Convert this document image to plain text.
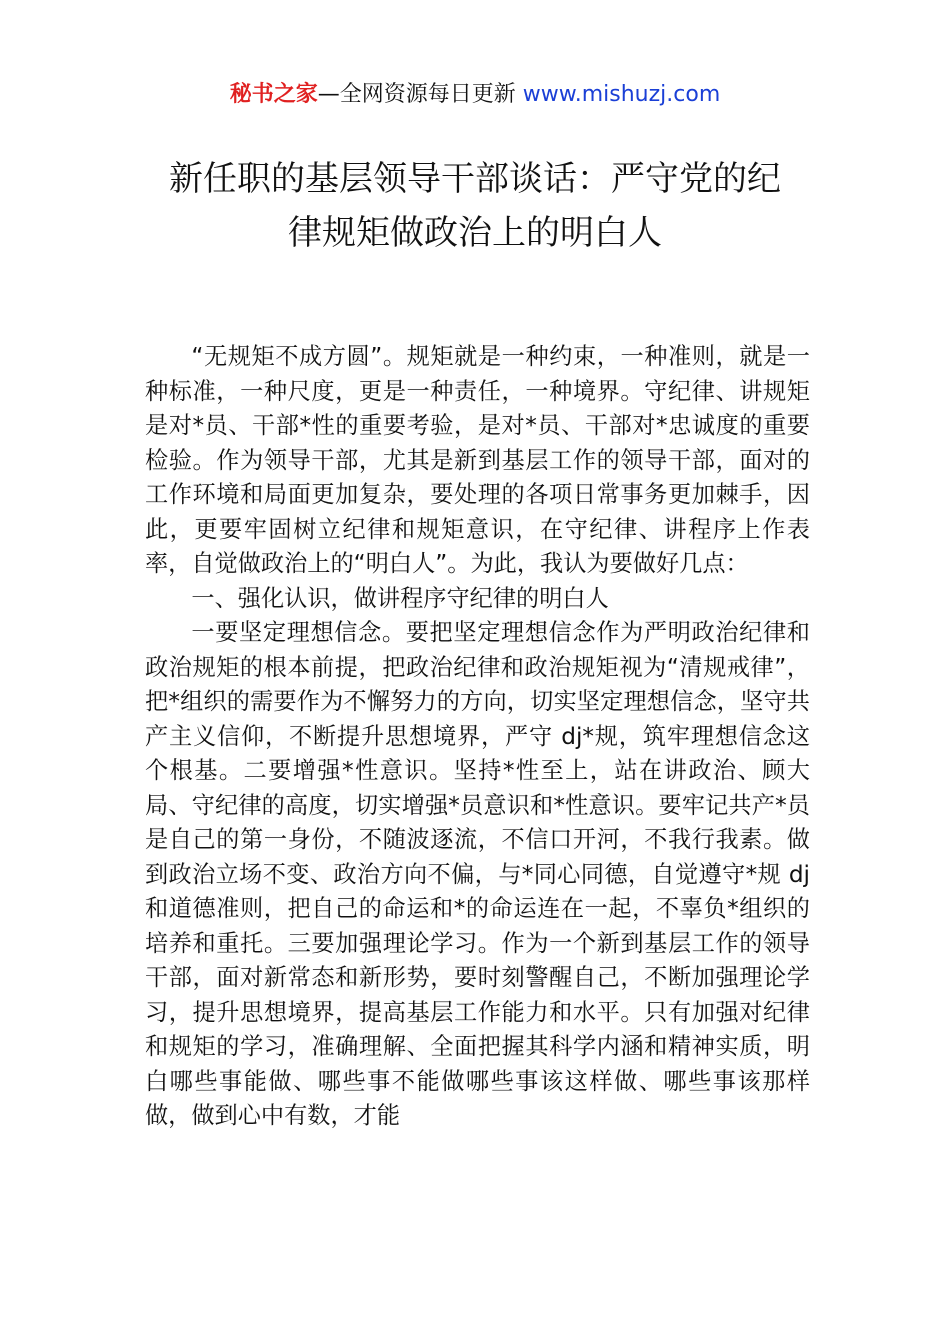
秘书之家—全网资源每日更新 www.mishuzj.com
新任职的基层领导干部谈话：严守党的纪
律规矩做政治上的明白人

“无规矩不成方圆”。规矩就是一种约束，一种准则，就是一种标准，一种尺度，更是一种责任，一种境界。守纪律、讲规矩是对*员、干部*性的重要考验，是对*员、干部对*忠诚度的重要检验。作为领导干部，尤其是新到基层工作的领导干部，面对的工作环境和局面更加复杂，要处理的各项日常事务更加棘手，因此，更要牢固树立纪律和规矩意识，在守纪律、讲程序上作表率，自觉做政治上的“明白人”。为此，我认为要做好几点：

一、强化认识，做讲程序守纪律的明白人

一要坚定理想信念。要把坚定理想信念作为严明政治纪律和政治规矩的根本前提，把政治纪律和政治规矩视为“清规戒律”，把*组织的需要作为不懈努力的方向，切实坚定理想信念，坚守共产主义信仰，不断提升思想境界，严守 dj*规，筑牢理想信念这个根基。二要增强*性意识。坚持*性至上，站在讲政治、顾大局、守纪律的高度，切实增强*员意识和*性意识。要牢记共产*员是自己的第一身份，不随波逐流，不信口开河，不我行我素。做到政治立场不变、政治方向不偏，与*同心同德，自觉遵守*规 dj 和道德准则，把自己的命运和*的命运连在一起，不辜负*组织的培养和重托。三要加强理论学习。作为一个新到基层工作的领导干部，面对新常态和新形势，要时刻警醒自己，不断加强理论学习，提升思想境界，提高基层工作能力和水平。只有加强对纪律和规矩的学习，准确理解、全面把握其科学内涵和精神实质，明白哪些事能做、哪些事不能做哪些事该这样做、哪些事该那样做，做到心中有数，才能
